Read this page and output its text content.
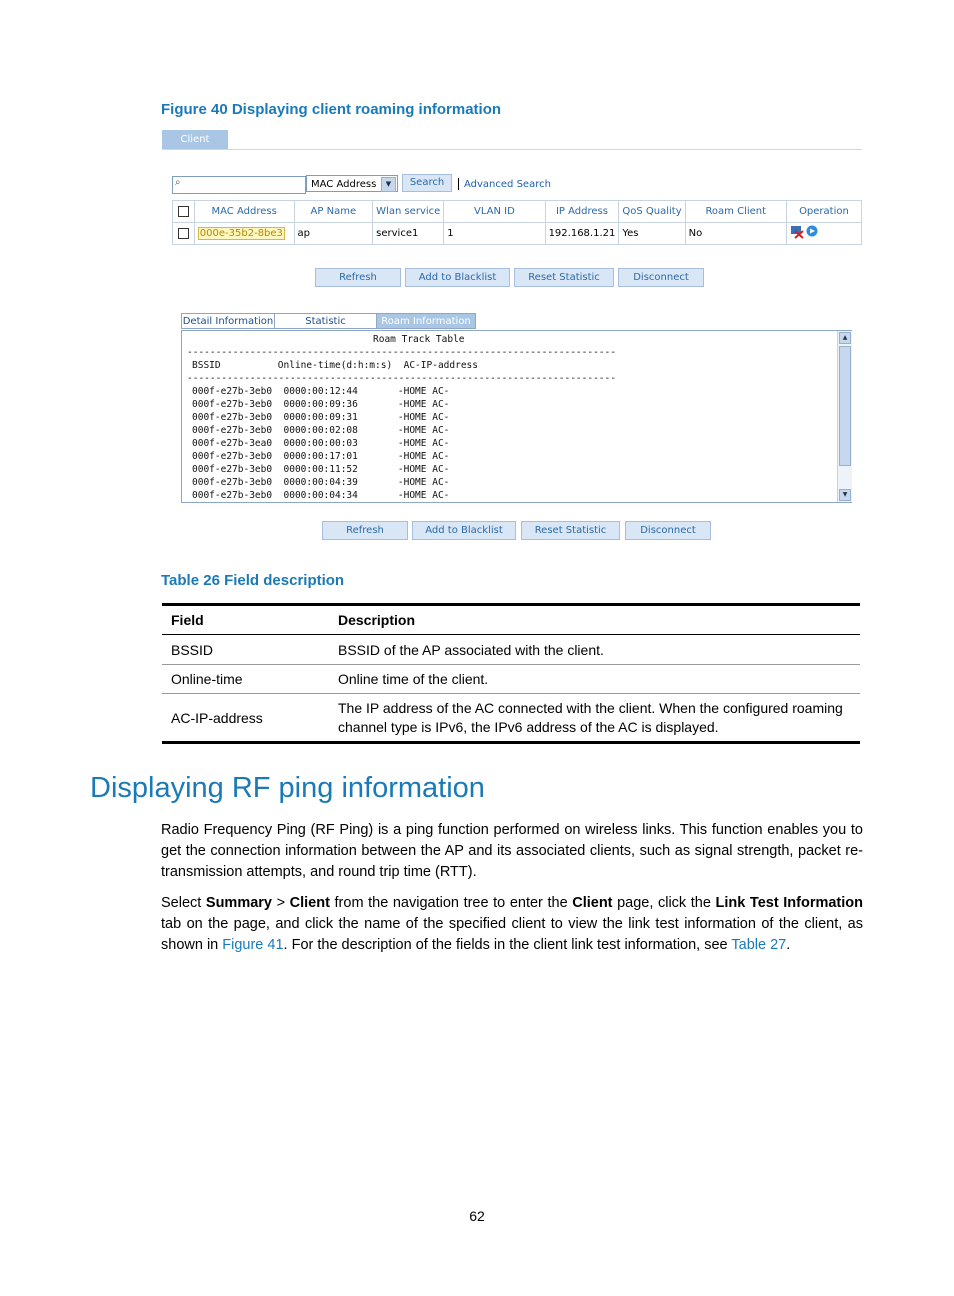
Figure 40 Displaying client roaming information
Client
⌕	MAC Address	▼	Search	Advanced Search
	MAC Address	AP Name	Wlan service	VLAN ID	IP Address	QoS Quality	Roam Client	Operation
	000e-35b2-8be3	ap	service1	1	192.168.1.21	Yes	No	
Refresh	Add to Blacklist	Reset Statistic	Disconnect
Detail Information	Statistic	Roam Information
Roam Track Table
---------------------------------------------------------------------------
BSSID          Online-time(d:h:m:s)  AC-IP-address
---------------------------------------------------------------------------
000f-e27b-3eb0  0000:00:12:44       -HOME AC-
000f-e27b-3eb0  0000:00:09:36       -HOME AC-
000f-e27b-3eb0  0000:00:09:31       -HOME AC-
000f-e27b-3eb0  0000:00:02:08       -HOME AC-
000f-e27b-3ea0  0000:00:00:03       -HOME AC-
000f-e27b-3eb0  0000:00:17:01       -HOME AC-
000f-e27b-3eb0  0000:00:11:52       -HOME AC-
000f-e27b-3eb0  0000:00:04:39       -HOME AC-
000f-e27b-3eb0  0000:00:04:34       -HOME AC-
▲
▼
Refresh	Add to Blacklist	Reset Statistic	Disconnect
Table 26 Field description
Field	Description
BSSID	BSSID of the AP associated with the client.
Online-time	Online time of the client.
AC-IP-address	The IP address of the AC connected with the client. When the configured roaming channel type is IPv6, the IPv6 address of the AC is displayed.
Displaying RF ping information
Radio Frequency Ping (RF Ping) is a ping function performed on wireless links. This function enables you to get the connection information between the AP and its associated clients, such as signal strength, packet re-transmission attempts, and round trip time (RTT).
Select Summary > Client from the navigation tree to enter the Client page, click the Link Test Information tab on the page, and click the name of the specified client to view the link test information of the client, as shown in Figure 41. For the description of the fields in the client link test information, see Table 27.
62
